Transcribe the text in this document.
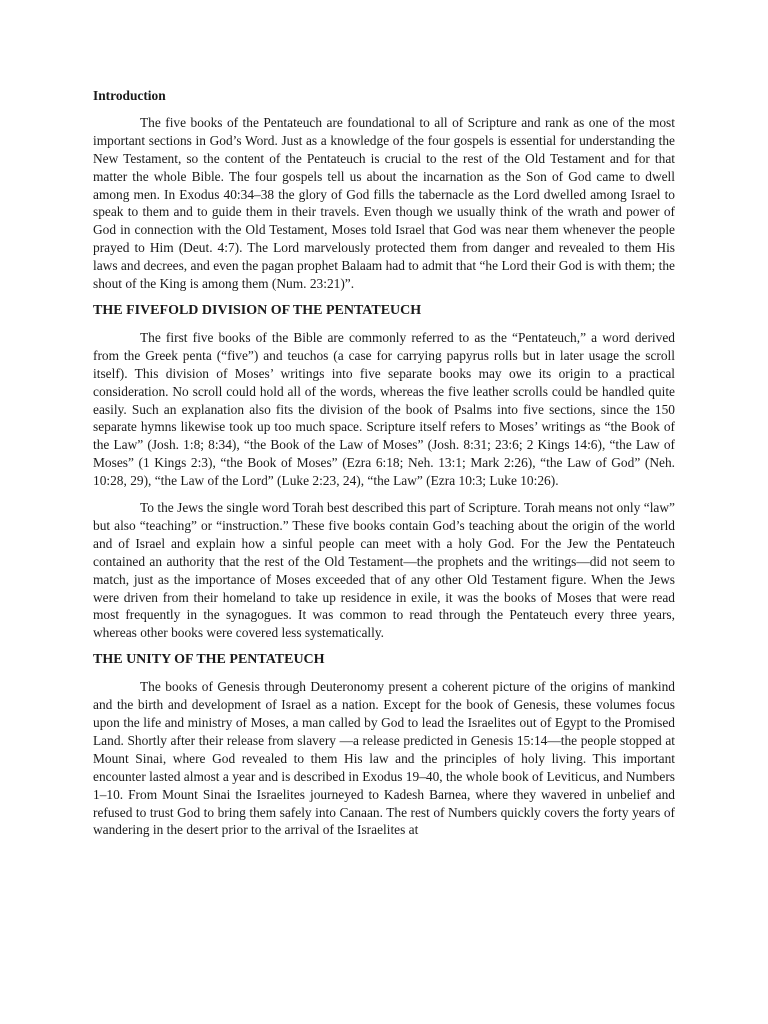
Introduction

The five books of the Pentateuch are foundational to all of Scripture and rank as one of the most important sections in God’s Word. Just as a knowledge of the four gospels is essential for understanding the New Testament, so the content of the Pentateuch is crucial to the rest of the Old Testament and for that matter the whole Bible. The four gospels tell us about the incarnation as the Son of God came to dwell among men. In Exodus 40:34–38 the glory of God fills the tabernacle as the Lord dwelled among Israel to speak to them and to guide them in their travels. Even though we usually think of the wrath and power of God in connection with the Old Testament, Moses told Israel that God was near them whenever the people prayed to Him (Deut. 4:7). The Lord marvelously protected them from danger and revealed to them His laws and decrees, and even the pagan prophet Balaam had to admit that “he Lord their God is with them; the shout of the King is among them (Num. 23:21)”.

THE FIVEFOLD DIVISION OF THE PENTATEUCH

The first five books of the Bible are commonly referred to as the “Pentateuch,” a word derived from the Greek penta (“five”) and teuchos (a case for carrying papyrus rolls but in later usage the scroll itself). This division of Moses’ writings into five separate books may owe its origin to a practical consideration. No scroll could hold all of the words, whereas the five leather scrolls could be handled quite easily. Such an explanation also fits the division of the book of Psalms into five sections, since the 150 separate hymns likewise took up too much space. Scripture itself refers to Moses’ writings as “the Book of the Law” (Josh. 1:8; 8:34), “the Book of the Law of Moses” (Josh. 8:31; 23:6; 2 Kings 14:6), “the Law of Moses” (1 Kings 2:3), “the Book of Moses” (Ezra 6:18; Neh. 13:1; Mark 2:26), “the Law of God” (Neh. 10:28, 29), “the Law of the Lord” (Luke 2:23, 24), “the Law” (Ezra 10:3; Luke 10:26).

To the Jews the single word Torah best described this part of Scripture. Torah means not only “law” but also “teaching” or “instruction.” These five books contain God’s teaching about the origin of the world and of Israel and explain how a sinful people can meet with a holy God. For the Jew the Pentateuch contained an authority that the rest of the Old Testament—the prophets and the writings—did not seem to match, just as the importance of Moses exceeded that of any other Old Testament figure. When the Jews were driven from their homeland to take up residence in exile, it was the books of Moses that were read most frequently in the synagogues. It was common to read through the Pentateuch every three years, whereas other books were covered less systematically.

THE UNITY OF THE PENTATEUCH

The books of Genesis through Deuteronomy present a coherent picture of the origins of mankind and the birth and development of Israel as a nation. Except for the book of Genesis, these volumes focus upon the life and ministry of Moses, a man called by God to lead the Israelites out of Egypt to the Promised Land. Shortly after their release from slavery —a release predicted in Genesis 15:14—the people stopped at Mount Sinai, where God revealed to them His law and the principles of holy living. This important encounter lasted almost a year and is described in Exodus 19–40, the whole book of Leviticus, and Numbers 1–10. From Mount Sinai the Israelites journeyed to Kadesh Barnea, where they wavered in unbelief and refused to trust God to bring them safely into Canaan. The rest of Numbers quickly covers the forty years of wandering in the desert prior to the arrival of the Israelites at
